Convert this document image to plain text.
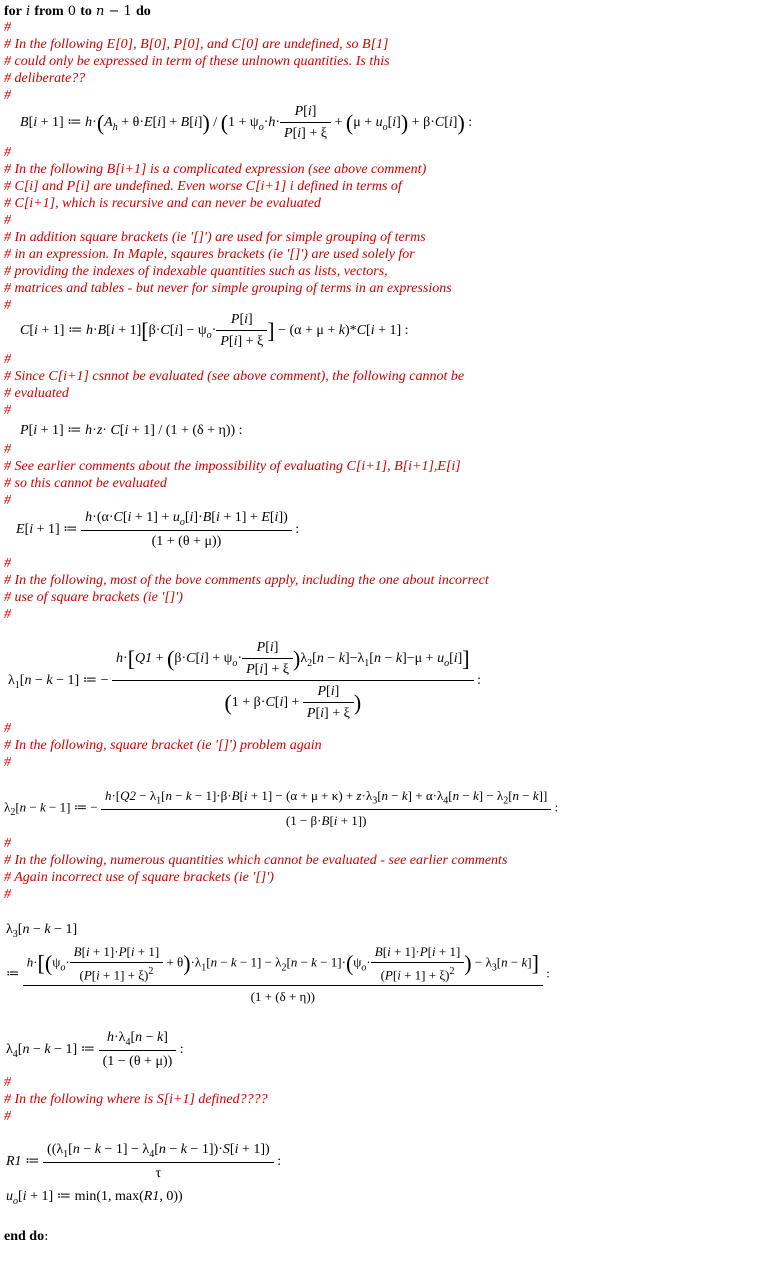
for i from 0 to n − 1 do
#
# In the following E[0], B[0], P[0], and C[0] are undefined, so B[1]
# could only be expressed in term of these unlnown quantities. Is this
# deliberate??
#
B[i + 1] ≔ $h\cdot(A_h + \theta\cdot E[i] + B[i]) / (1 + \psi_o\cdot h\cdot \frac{P[i]}{P[i] + \xi} + (\mu + u_o[i]) + \beta\cdot C[i])$ :
#
# In the following B[i+1] is a complicated expression (see above comment)
# C[i] and P[i] are undefined. Even worse C[i+1] i defined in terms of
# C[i+1], which is recursive and can never be evaluated
#
# In addition square brackets (ie '[]') are used for simple grouping of terms
# in an expression. In Maple, sqaures brackets (ie '[]') are used solely for
# providing the indexes of indexable quantities such as lists, vectors,
# matrices and tables - but never for simple grouping of terms in an expressions
#
C[i + 1] ≔ $h\cdot B[i + 1][\beta\cdot C[i] - \psi_o\cdot \frac{P[i]}{P[i] + \xi}$ ] − (α + μ + k)*C[i + 1] :
#
# Since C[i+1] csnnot be evaluated (see above comment), the following cannot be
# evaluated
#
P[i + 1] ≔ h·z· C[i + 1] / (1 + (δ + η)) :
#
# See earlier comments about the impossibility of evaluating C[i+1], B[i+1],E[i]
# so this cannot be evaluated
#
E[i + 1] ≔ $\frac{h\cdot(\alpha\cdot C[i + 1] + u_o[i]\cdot B[i + 1] + E[i])}{(1 + (\theta + \mu))}$ :
#
# In the following, most of the bove comments apply, including the one about incorrect
# use of square brackets (ie '[]')
#
$\lambda_1[n - k - 1]$ ≔ −
$h\cdot[Q1 + (\beta\cdot C[i] + \psi_o\cdot \frac{P[i]}{P[i] + \xi} )\lambda_2[n - k]-\lambda_1[n - k]-\mu + u_o[i]]$
($1 + \beta\cdot C[i] + \frac{P[i]}{P[i] + \xi}$ )
:
#
# In the following, square bracket (ie '[]') problem again
#
$\lambda_2[n - k - 1]$ ≔ −
$h\cdot[Q2 - \lambda_1[n - k - 1]\cdot\beta\cdot B[i + 1] - (\alpha + \mu + \kappa) + z\cdot\lambda_3[n - k] + \alpha\cdot\lambda_4[n - k] - \lambda_2[n - k]]$
(1 − β·B[i + 1])
:
#
# In the following, numerous quantities which cannot be evaluated - see earlier comments
# Again incorrect use of square brackets (ie '[]')
#
$\lambda_3[n - k - 1]$
≔
$h\cdot[(\psi_o\cdot \frac{B[i + 1]\cdot P[i + 1]}{(P[i + 1] + \xi)^2} + \theta)\cdot\lambda_1[n - k - 1] - \lambda_2[n - k - 1]\cdot(\psi_o\cdot \frac{B[i + 1]\cdot P[i + 1]}{(P[i + 1] + \xi)^2}$ ) − $\lambda_3[n - k]$]
(1 + (δ + η))
:
$\lambda_4[n - k - 1]$ ≔ $\frac{h\cdot\lambda_4[n - k]}{(1 - (\theta + \mu))}$ :
#
# In the following where is S[i+1] defined????
#
R1 ≔ $\frac{((\lambda_1[n - k - 1] - \lambda_4[n - k - 1])\cdot S[i + 1])}{\tau}$ :
$u_o[i + 1]$ ≔ min(1, max(R1, 0))
end do:
